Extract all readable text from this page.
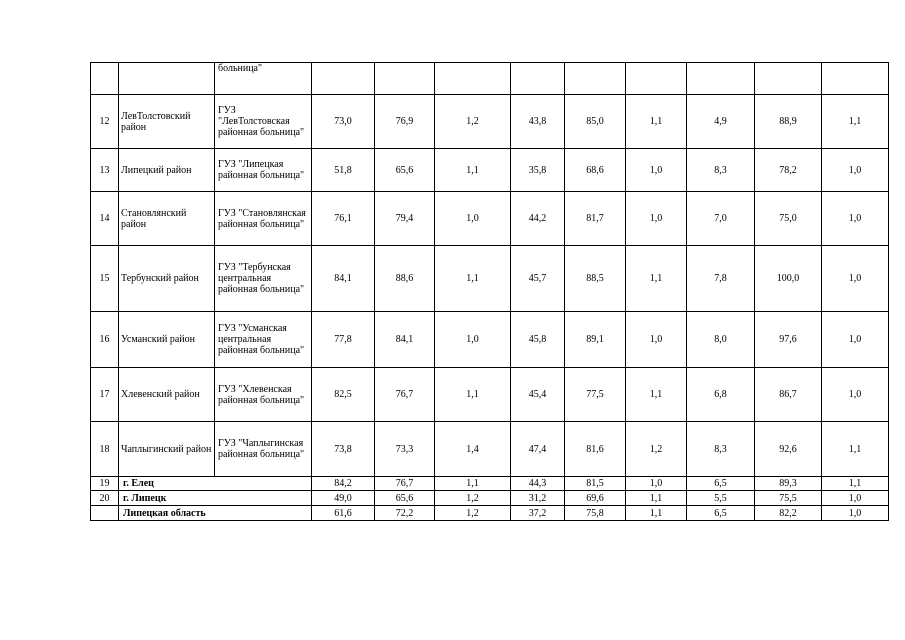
		больница"									
12	ЛевТолстовский район	ГУЗ "ЛевТолстовская районная больница"	73,0	76,9	1,2	43,8	85,0	1,1	4,9	88,9	1,1
13	Липецкий район	ГУЗ "Липецкая районная больница"	51,8	65,6	1,1	35,8	68,6	1,0	8,3	78,2	1,0
14	Становлянский район	ГУЗ "Становлянская районная больница"	76,1	79,4	1,0	44,2	81,7	1,0	7,0	75,0	1,0
15	Тербунский район	ГУЗ "Тербунская центральная районная больница"	84,1	88,6	1,1	45,7	88,5	1,1	7,8	100,0	1,0
16	Усманский район	ГУЗ "Усманская центральная районная больница"	77,8	84,1	1,0	45,8	89,1	1,0	8,0	97,6	1,0
17	Хлевенский район	ГУЗ "Хлевенская районная больница"	82,5	76,7	1,1	45,4	77,5	1,1	6,8	86,7	1,0
18	Чаплыгинский район	ГУЗ "Чаплыгинская районная больница"	73,8	73,3	1,4	47,4	81,6	1,2	8,3	92,6	1,1
19	г. Елец		84,2	76,7	1,1	44,3	81,5	1,0	6,5	89,3	1,1
20	г. Липецк		49,0	65,6	1,2	31,2	69,6	1,1	5,5	75,5	1,0
	Липецкая область		61,6	72,2	1,2	37,2	75,8	1,1	6,5	82,2	1,0
